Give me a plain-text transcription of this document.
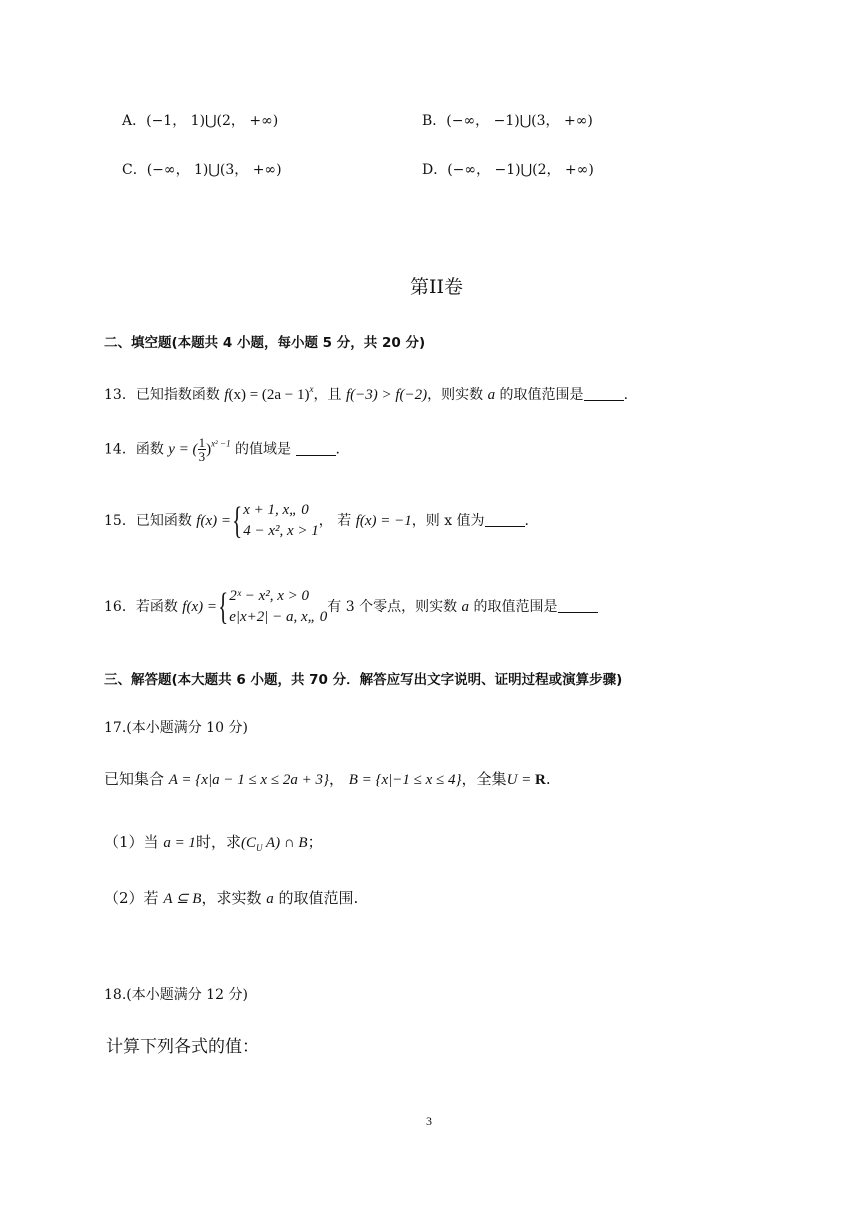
A．(−1， 1)⋃(2， +∞)	B．(−∞， −1)⋃(3， +∞)
C．(−∞， 1)⋃(3， +∞)	D．(−∞， −1)⋃(2， +∞)
第II卷
二、填空题(本题共 4 小题，每小题 5 分，共 20 分)
13．已知指数函数 $f(x) = (2a - 1)^x$，且 f(−3) > f(−2)，则实数 a 的取值范围是	.
14．函数 y = ( $\frac{1}{3} )^{x^2 -1}$ 的值域是	.
15．已知函数 f(x) ={ x + 1, x„ 0
4 − x², x > 1
， 若 f(x) = −1，则 x 值为	.
16．若函数 f(x) ={ 2ˣ − x², x > 0
e|x+2| − a, x„ 0
有 3 个零点，则实数 a 的取值范围是
三、解答题(本大题共 6 小题，共 70 分．解答应写出文字说明、证明过程或演算步骤)
17.(本小题满分 10 分)
已知集合 A = {x|a − 1 ≤ x ≤ 2a + 3}， B = {x|−1 ≤ x ≤ 4}，全集U = R.
（1）当 a = 1时，求($C_U$ A) ∩ B；
（2）若 A ⊆ B，求实数 a 的取值范围.
18.(本小题满分 12 分)
计算下列各式的值：
3
